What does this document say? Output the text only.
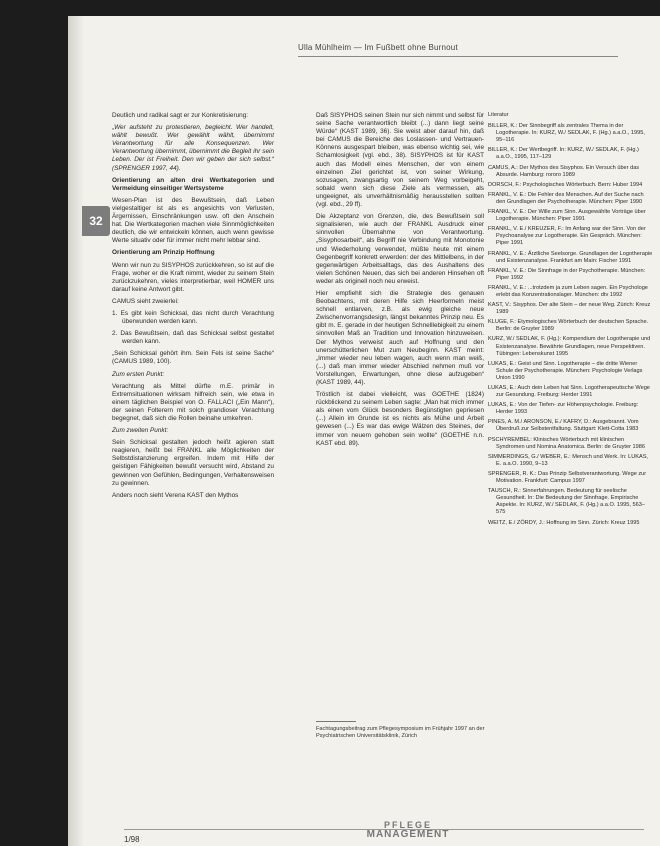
Ulla Mühlheim — Im Fußbett ohne Burnout
32

Deutlich und radikal sagt er zur Konkretisierung:

„Wer aufsteht zu protestieren, begleicht. Wer handelt, wählt bewußt. Wer gewählt wählt, übernimmt Verantwortung für alle Konsequenzen. Wer Verantwortung übernimmt, übernimmt die Begleit ihr sein Leben. Der ist Freiheit. Den wir geben der sich selbst.“ (SPRENGER 1997, 44).

Orientierung an alten drei Wertkategorien und Vermeidung einseitiger Wertsysteme

Wesen-Plan ist des Bewußtsein, daß Leben vielgestaltiger ist als es angesichts von Verlusten, Ärgernissen, Einschränkungen usw. oft den Anschein hat. Die Wertkategorien machen viele Sinnmöglichkeiten deutlich, die wir entwickeln können, auch wenn gewisse Werte situativ oder für immer nicht mehr lebbar sind.

Orientierung am Prinzip Hoffnung

Wenn wir nun zu SISYPHOS zurückkehren, so ist auf die Frage, woher er die Kraft nimmt, wieder zu seinem Stein zurückzukehren, vieles interpretierbar, weil HOMER uns darauf keine Antwort gibt.

CAMUS sieht zweierlei:

1. Es gibt kein Schicksal, das nicht durch Verachtung überwunden werden kann.

2. Das Bewußtsein, daß das Schicksal selbst gestaltet werden kann.

„Sein Schicksal gehört ihm. Sein Fels ist seine Sache“ (CAMUS 1989, 100).

Zum ersten Punkt:

Verachtung als Mittel dürfte m.E. primär in Extremsituationen wirksam hilfreich sein, wie etwa in einem täglichen Beispiel von O. FALLACI („Ein Mann“), der seinen Folterern mit solch grandioser Verachtung begegnet, daß sich die Rollen beinahe umkehren.

Zum zweiten Punkt:

Sein Schicksal gestalten jedoch heißt agieren statt reagieren, heißt bei FRANKL alle Möglichkeiten der Selbstdistanzierung ergreifen. Indem mit Hilfe der geistigen Fähigkeiten bewußt versucht wird, Abstand zu gewinnen von Gefühlen, Bedingungen, Verhaltensweisen zu gewinnen.

Anders noch sieht Verena KAST den Mythos

Daß SISYPHOS seinen Stein nur sich nimmt und selbst für seine Sache verantwortlich bleibt (...) dann liegt seine Würde“ (KAST 1989, 36). Sie weist aber darauf hin, daß bei CAMUS die Bereiche des Loslassen- und Vertrauen-Könnens ausgespart bleiben, was ebenso wichtig sei, wie Schamlosigkeit (vgl. ebd., 38). SISYPHOS ist für KAST auch das Modell eines Menschen, der von einem einzelnen Ziel gerichtet ist, von seiner Wirkung, sozusagen, zwangsartig von seinem Weg vorbeigeht, sobald wenn sich diese Ziele als vermessen, als ungeeignet, als unverhältnismäßig herausstellen sollten (vgl. ebd., 29 ff).

Die Akzeptanz von Grenzen, die, des Bewußtsein soll signalisieren, wie auch der FRANKL Ausdruck einer sinnvollen Übernahme von Verantwortung. „Sisyphosarbeit“, als Begriff nie Verbindung mit Monotonie und Wiederholung verwendet, müßte heute mit einem Gegenbegriff konkrett erwerden: der des Mittlelbens, in der gegenwärtigen Arbeitsalltags, das des Aushaltens des vielen Schönen Neuen, das sich bei anderen Hinsehen oft weder als originell noch neu erweist.

Hier empfiehlt sich die Strategie des genauen Beobachtens, mit deren Hilfe sich Heerformeln meist schnell entlarven, z.B. als ewig gleiche neue Zwischenvorrangsdesign, längst bekanntes Prinzip neu. Es gibt m. E. gerade in der heutigen Schnelllebigkeit zu einem sinnvollen Maß an Tradition und Innovation hinzuweisen. Der Mythos verweist auch auf Hoffnung und den unerschütterlichen Mut zum Neubeginn. KAST meint: „Immer wieder neu leben wagen, auch wenn man weiß, (...) daß man immer wieder Abschied nehmen muß vor Vorstellungen, Erwartungen, ohne diese aufzugeben“ (KAST 1989, 44).

Tröstlich ist dabei vielleicht, was GOETHE (1824) rückblickend zu seinem Leben sagte: „Man hat mich immer als einen vom Glück besonders Begünstigten gepriesen (...) Allein im Grunde ist es nichts als Mühe und Arbeit gewesen (...) Es war das ewige Wälzen des Steines, der immer von neuem gehoben sein wollte“ (GOETHE n.n. KAST ebd. 89).

Fachtagungsbeitrag zum Pflegesymposium im Frühjahr 1997 an der Psychiatrischen Universitätsklinik, Zürich

Literatur

BILLER, K.: Der Sinnbegriff als zentrales Thema in der Logotherapie. In: KURZ, W./ SEDLAK, F. (Hg.) a.a.O., 1995, 95–116

BILLER, K.: Der Wertbegriff. In: KURZ, W./ SEDLAK, F. (Hg.) a.a.O., 1995, 117–129

CAMUS, A.: Der Mythos des Sisyphos. Ein Versuch über das Absurde. Hamburg: rororo 1989

DORSCH, F.: Psychologisches Wörterbuch. Bern: Huber 1994

FRANKL, V. E.: Die Fehler des Menschen. Auf der Suche nach den Grundlagen der Psychotherapie. München: Piper 1990

FRANKL, V. E.: Der Wille zum Sinn. Ausgewählte Vorträge über Logotherapie. München: Piper 1991

FRANKL, V. E./ KREUZER, F.: Im Anfang war der Sinn. Von der Psychoanalyse zur Logotherapie. Ein Gespräch. München: Piper 1991

FRANKL, V. E.: Ärztliche Seelsorge. Grundlagen der Logotherapie und Existenzanalyse. Frankfurt am Main: Fischer 1991

FRANKL, V. E.: Die Sinnfrage in der Psychotherapie. München: Piper 1992

FRANKL, V. E.: ...trotzdem ja zum Leben sagen. Ein Psychologe erlebt das Konzentrationslager. München: dtv 1992

KAST, V.: Sisyphos. Der alte Stein – der neue Weg. Zürich: Kreuz 1989

KLUGE, F.: Etymologisches Wörterbuch der deutschen Sprache. Berlin: de Gruyter 1989

KURZ, W./ SEDLAK, F. (Hg.): Kompendium der Logotherapie und Existenzanalyse. Bewährte Grundlagen, neue Perspektiven. Tübingen: Lebenskunst 1995

LUKAS, E.: Geist und Sinn. Logotherapie – die dritte Wiener Schule der Psychotherapie. München: Psychologie Verlags Union 1990

LUKAS, E.: Auch dein Leben hat Sinn. Logotherapeutische Wege zur Gesundung. Freiburg: Herder 1991

LUKAS, E.: Von der Tiefen- zur Höhenpsychologie. Freiburg: Herder 1993

PINES, A. M./ ARONSON, E./ KAFRY, D.: Ausgebrannt. Vom Überdruß zur Selbstentfaltung. Stuttgart: Klett-Cotta 1983

PSCHYREMBEL: Klinisches Wörterbuch mit klinischen Syndromen und Nomina Anatomica. Berlin: de Gruyter 1986

SIMMERDINGS, G./ WEBER, E.: Mensch und Werk. In: LUKAS, E. a.a.O. 1990, 9–13

SPRENGER, R. K.: Das Prinzip Selbstverantwortung. Wege zur Motivation. Frankfurt: Campus 1997

TAUSCH, R.: Sinnerfahrungen. Bedeutung für seelische Gesundheit. In: Die Bedeutung der Sinnfrage. Empirische Aspekte. In: KURZ, W./ SEDLAK, F. (Hg.) a.a.O. 1995, 563–575

WEITZ, E./ ZÖRDY, J.: Hoffnung im Sinn. Zürich: Kreuz 1995

1/98
PFLEGE
MANAGEMENT
